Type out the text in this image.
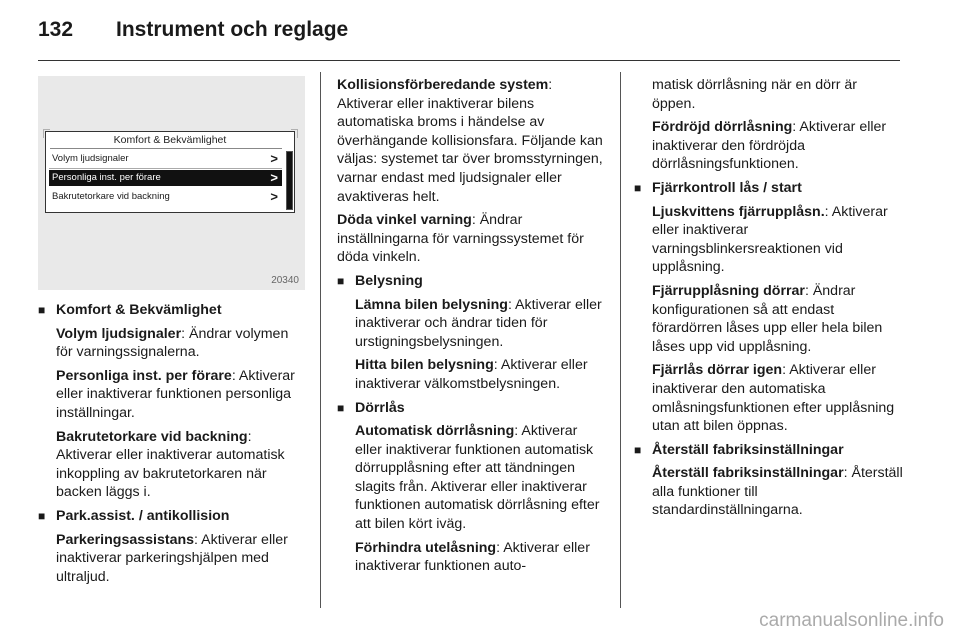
132 Instrument och reglage
Komfort & Bekvämlighet
Volym ljudsignaler	>
Personliga inst. per förare	>
Bakrutetorkare vid backning	>
20340
■ Komfort & Bekvämlighet

Volym ljudsignaler: Ändrar volymen för varningssignalerna.

Personliga inst. per förare: Aktiverar eller inaktiverar funktionen personliga inställningar.

Bakrutetorkare vid backning: Aktiverar eller inaktiverar automatisk inkoppling av bakrutetorkaren när backen läggs i.

■ Park.assist. / antikollision

Parkeringsassistans: Aktiverar eller inaktiverar parkeringshjälpen med ultraljud.

Kollisionsförberedande system: Aktiverar eller inaktiverar bilens automatiska broms i händelse av överhängande kollisionsfara. Följande kan väljas: systemet tar över bromsstyrningen, varnar endast med ljudsignaler eller avaktiveras helt.

Döda vinkel varning: Ändrar inställningarna för varningssystemet för döda vinkeln.

■ Belysning

Lämna bilen belysning: Aktiverar eller inaktiverar och ändrar tiden för urstigningsbelysningen.

Hitta bilen belysning: Aktiverar eller inaktiverar välkomstbelysningen.

■ Dörrlås

Automatisk dörrlåsning: Aktiverar eller inaktiverar funktionen automatisk dörrupplåsning efter att tändningen slagits från. Aktiverar eller inaktiverar funktionen automatisk dörrlåsning efter att bilen kört iväg.

Förhindra utelåsning: Aktiverar eller inaktiverar funktionen auto-

matisk dörrlåsning när en dörr är öppen.

Fördröjd dörrlåsning: Aktiverar eller inaktiverar den fördröjda dörrlåsningsfunktionen.

■ Fjärrkontroll lås / start

Ljuskvittens fjärrupplåsn.: Aktiverar eller inaktiverar varningsblinkersreaktionen vid upplåsning.

Fjärrupplåsning dörrar: Ändrar konfigurationen så att endast förardörren låses upp eller hela bilen låses upp vid upplåsning.

Fjärrlås dörrar igen: Aktiverar eller inaktiverar den automatiska omlåsningsfunktionen efter upplåsning utan att bilen öppnas.

■ Återställ fabriksinställningar

Återställ fabriksinställningar: Återställ alla funktioner till standardinställningarna.

carmanualsonline.info
